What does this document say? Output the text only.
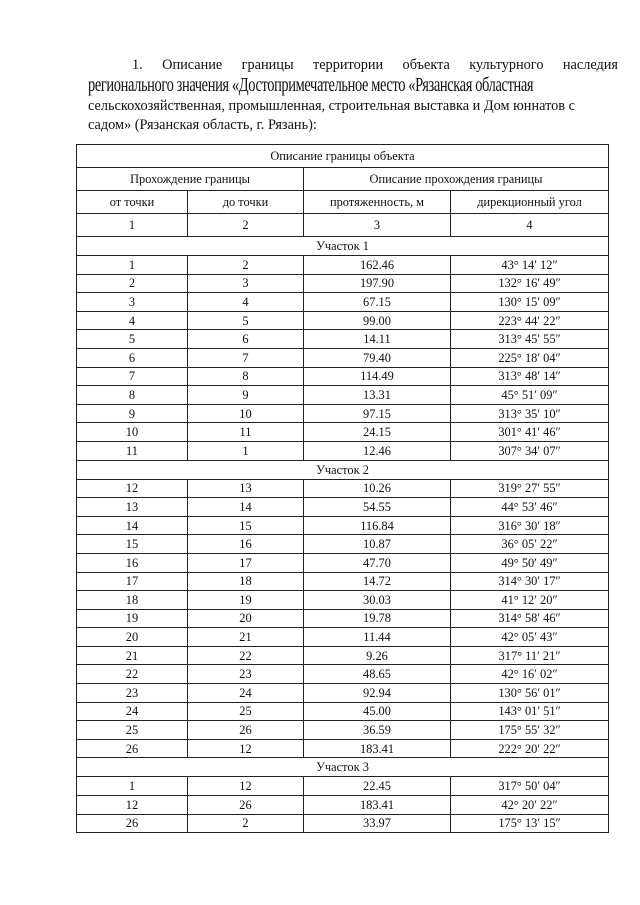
1. Описание границы территории объекта культурного наследия

регионального значения «Достопримечательное место «Рязанская областная

сельскохозяйственная, промышленная, строительная выставка и Дом юннатов с

садом» (Рязанская область, г. Рязань):

Описание границы объекта			
Прохождение границы		Описание прохождения границы	
от точки	до точки	протяженность, м	дирекционный угол
1	2	3	4
Участок 1			
1	2	162.46	43° 14′ 12″
2	3	197.90	132° 16′ 49″
3	4	67.15	130° 15′ 09″
4	5	99.00	223° 44′ 22″
5	6	14.11	313° 45′ 55″
6	7	79.40	225° 18′ 04″
7	8	114.49	313° 48′ 14″
8	9	13.31	45° 51′ 09″
9	10	97.15	313° 35′ 10″
10	11	24.15	301° 41′ 46″
11	1	12.46	307° 34′ 07″
Участок 2			
12	13	10.26	319° 27′ 55″
13	14	54.55	44° 53′ 46″
14	15	116.84	316° 30′ 18″
15	16	10.87	36° 05′ 22″
16	17	47.70	49° 50′ 49″
17	18	14.72	314° 30′ 17″
18	19	30.03	41° 12′ 20″
19	20	19.78	314° 58′ 46″
20	21	11.44	42° 05′ 43″
21	22	9.26	317° 11′ 21″
22	23	48.65	42° 16′ 02″
23	24	92.94	130° 56′ 01″
24	25	45.00	143° 01′ 51″
25	26	36.59	175° 55′ 32″
26	12	183.41	222° 20′ 22″
Участок 3			
1	12	22.45	317° 50′ 04″
12	26	183.41	42° 20′ 22″
26	2	33.97	175° 13′ 15″
